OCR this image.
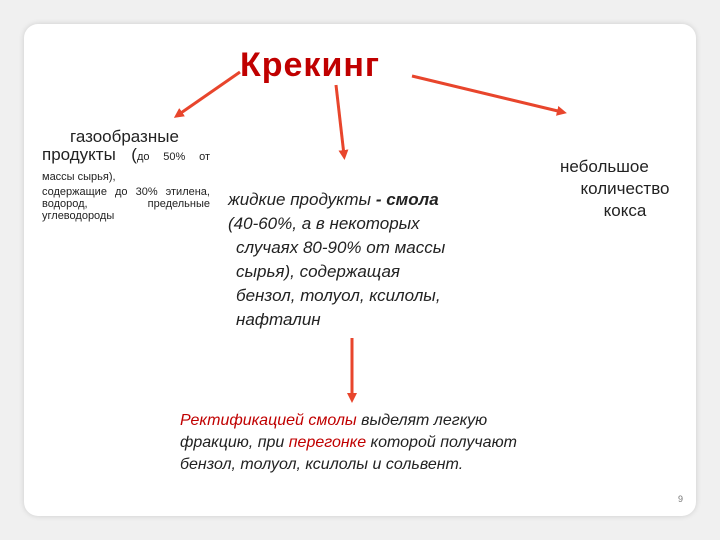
Крекинг
газообразные продукты (до 50% от массы сырья),
содержащие до 30% этилена, водород, предельные углеводороды
жидкие продукты - смола
(40-60%, а в некоторых
случаях 80-90% от массы
сырья), содержащая
бензол, толуол, ксилолы,
нафталин
небольшое
количество
кокса
Ректификацией смолы выделят легкую фракцию, при перегонке которой получают бензол, толуол, ксилолы и сольвент.
9
